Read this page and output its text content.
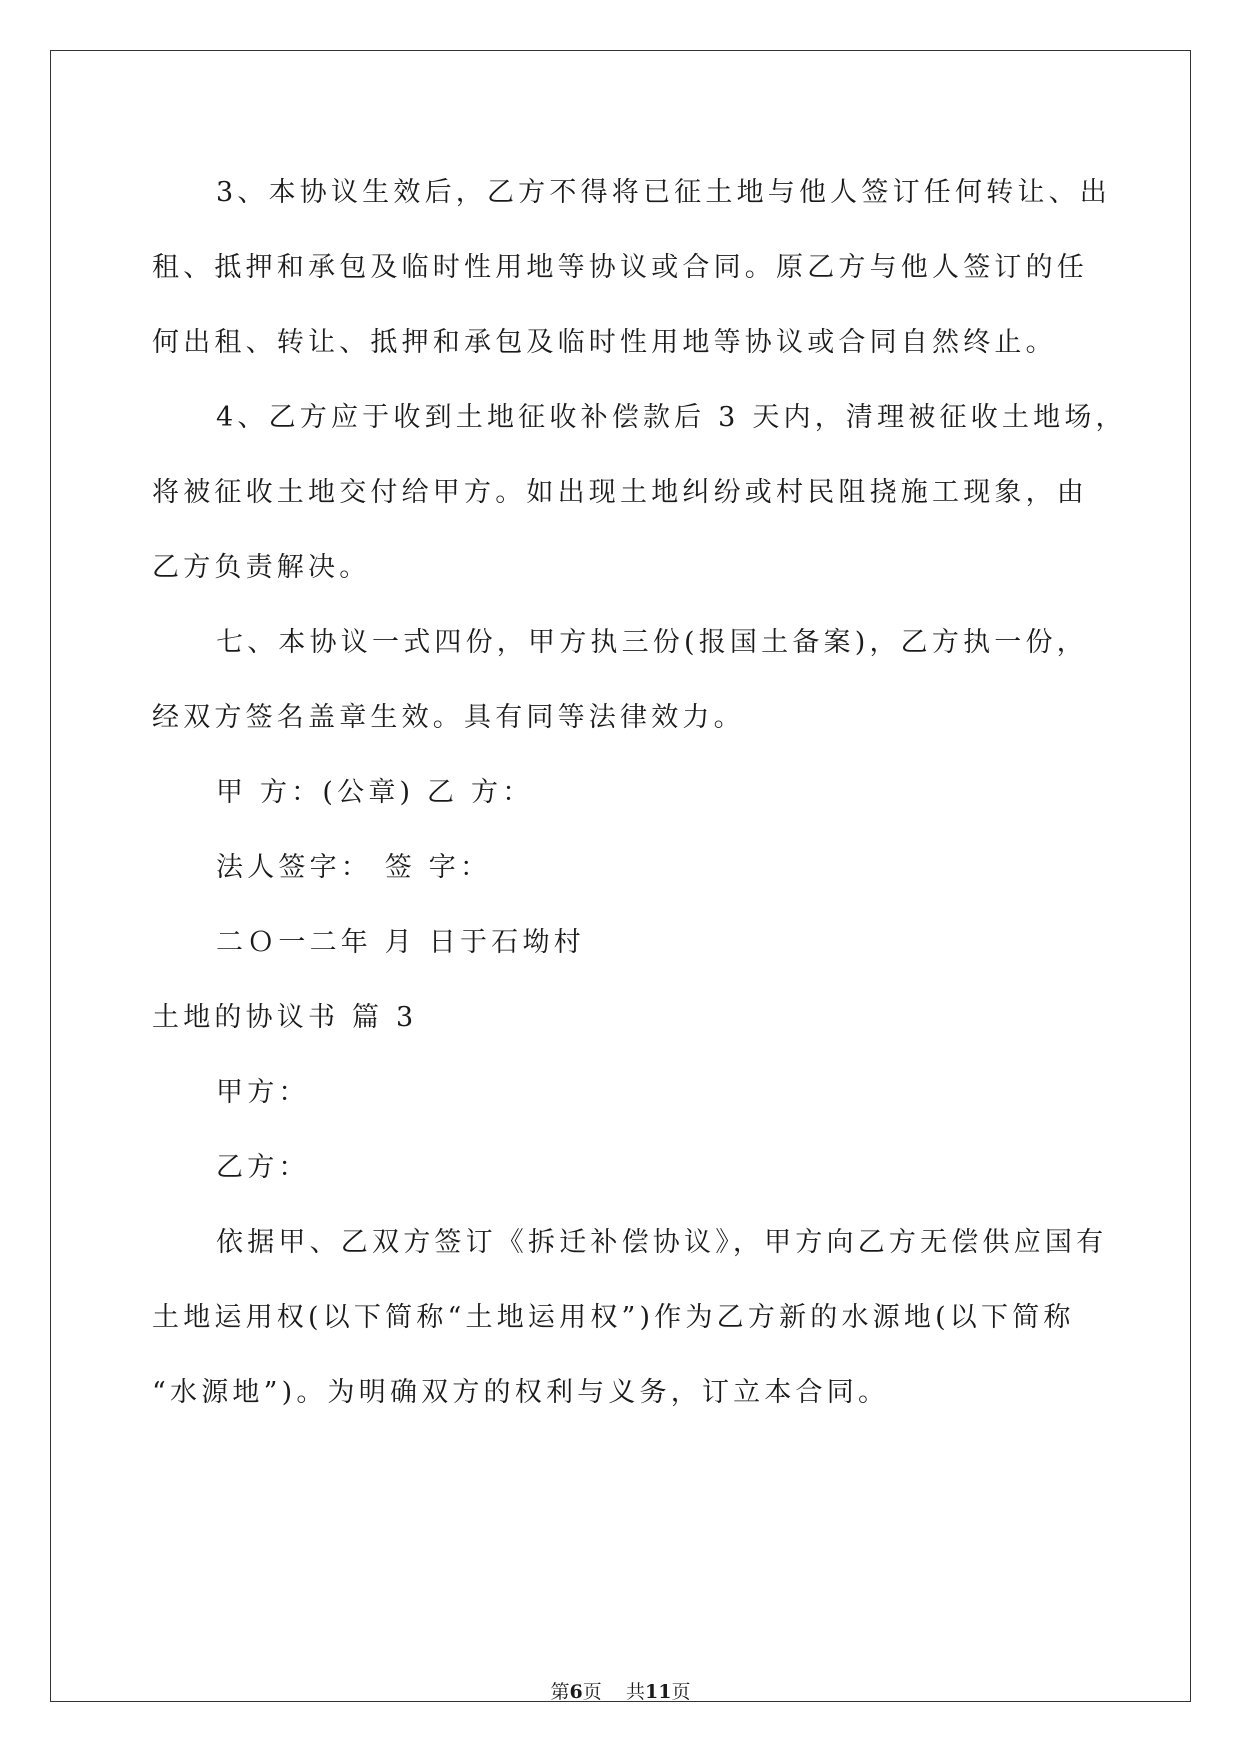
3、本协议生效后，乙方不得将已征土地与他人签订任何转让、出
租、抵押和承包及临时性用地等协议或合同。原乙方与他人签订的任
何出租、转让、抵押和承包及临时性用地等协议或合同自然终止。
4、乙方应于收到土地征收补偿款后 3 天内，清理被征收土地场，
将被征收土地交付给甲方。如出现土地纠纷或村民阻挠施工现象，由
乙方负责解决。
七、本协议一式四份，甲方执三份(报国土备案)，乙方执一份，
经双方签名盖章生效。具有同等法律效力。
甲 方：(公章) 乙 方：
法人签字： 签 字：
二Ｏ一二年 月 日于石坳村
土地的协议书 篇 3
甲方：
乙方：
依据甲、乙双方签订《拆迁补偿协议》，甲方向乙方无偿供应国有
土地运用权(以下简称“土地运用权”)作为乙方新的水源地(以下简称
“水源地”)。为明确双方的权利与义务，订立本合同。
第6页 共11页
